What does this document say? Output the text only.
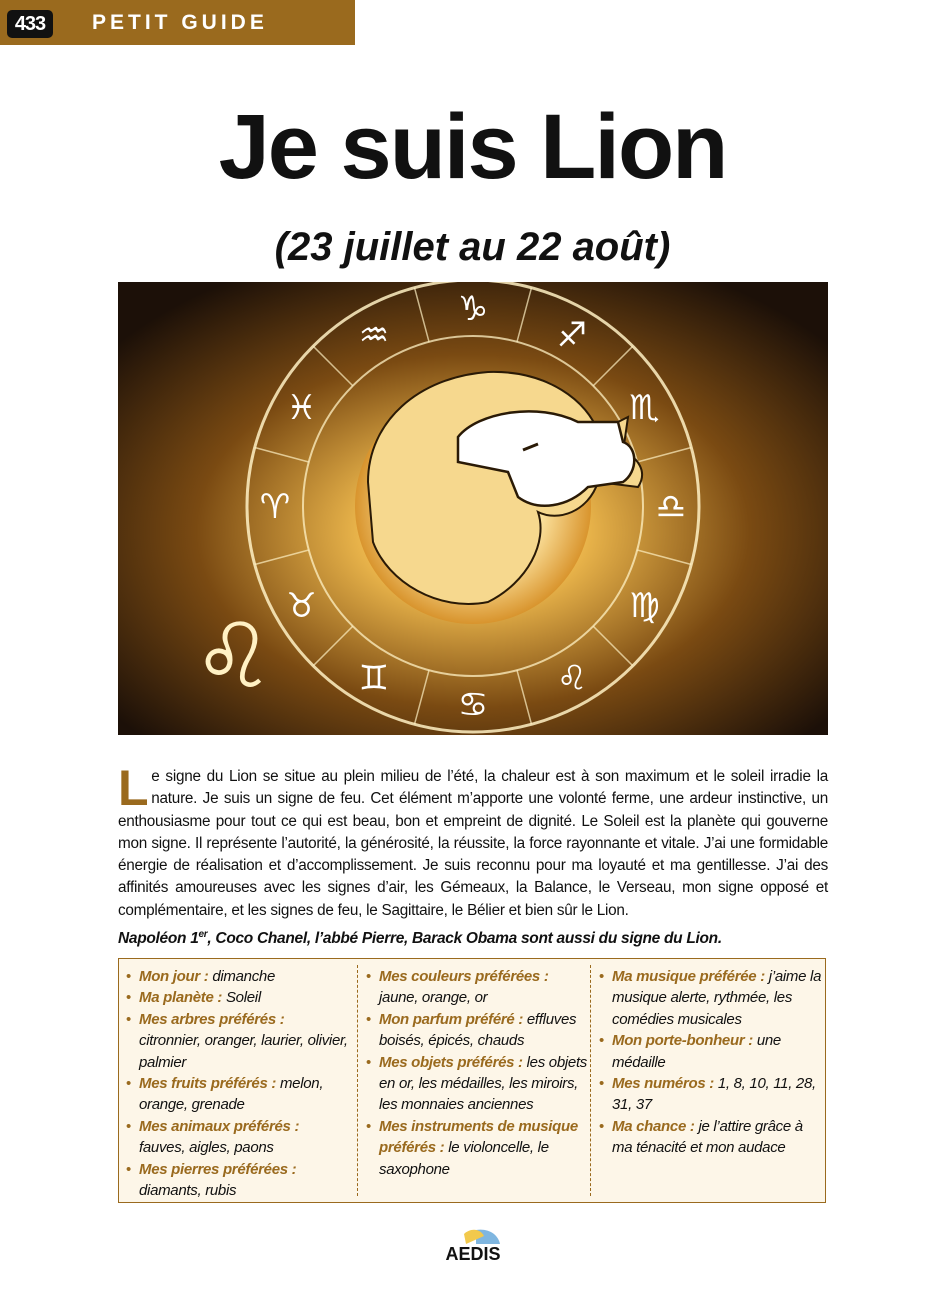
433	PETIT GUIDE
Je suis Lion
(23 juillet au 22 août)
♐
♏
♎
♍
♌
♋
♊
♉
♈
♓
♒
♑
♌
Le signe du Lion se situe au plein milieu de l’été, la chaleur est à son maximum et le soleil irradie la nature. Je suis un signe de feu. Cet élément m’apporte une volonté ferme, une ardeur instinctive, un enthousiasme pour tout ce qui est beau, bon et empreint de dignité. Le Soleil est la planète qui gouverne mon signe. Il représente l’autorité, la générosité, la réussite, la force rayonnante et vitale. J’ai une formidable énergie de réalisation et d’accomplissement. Je suis reconnu pour ma loyauté et ma gentillesse. J’ai des affinités amoureuses avec les signes d’air, les Gémeaux, la Balance, le Verseau, mon signe opposé et complémentaire, et les signes de feu, le Sagittaire, le Bélier et bien sûr le Lion.
Napoléon 1er, Coco Chanel, l’abbé Pierre, Barack Obama sont aussi du signe du Lion.
• Mon jour : dimanche
• Ma planète : Soleil
• Mes arbres préférés : citronnier, oranger, laurier, olivier, palmier
• Mes fruits préférés : melon, orange, grenade
• Mes animaux préférés : fauves, aigles, paons
• Mes pierres préférées : diamants, rubis
• Mes couleurs préférées : jaune, orange, or
• Mon parfum préféré : effluves boisés, épicés, chauds
• Mes objets préférés : les objets en or, les médailles, les miroirs, les monnaies anciennes
• Mes instruments de musique préférés : le violoncelle, le saxophone
• Ma musique préférée : j’aime la musique alerte, rythmée, les comédies musicales
• Mon porte-bonheur : une médaille
• Mes numéros : 1, 8, 10, 11, 28, 31, 37
• Ma chance : je l’attire grâce à ma ténacité et mon audace
AEDIS
